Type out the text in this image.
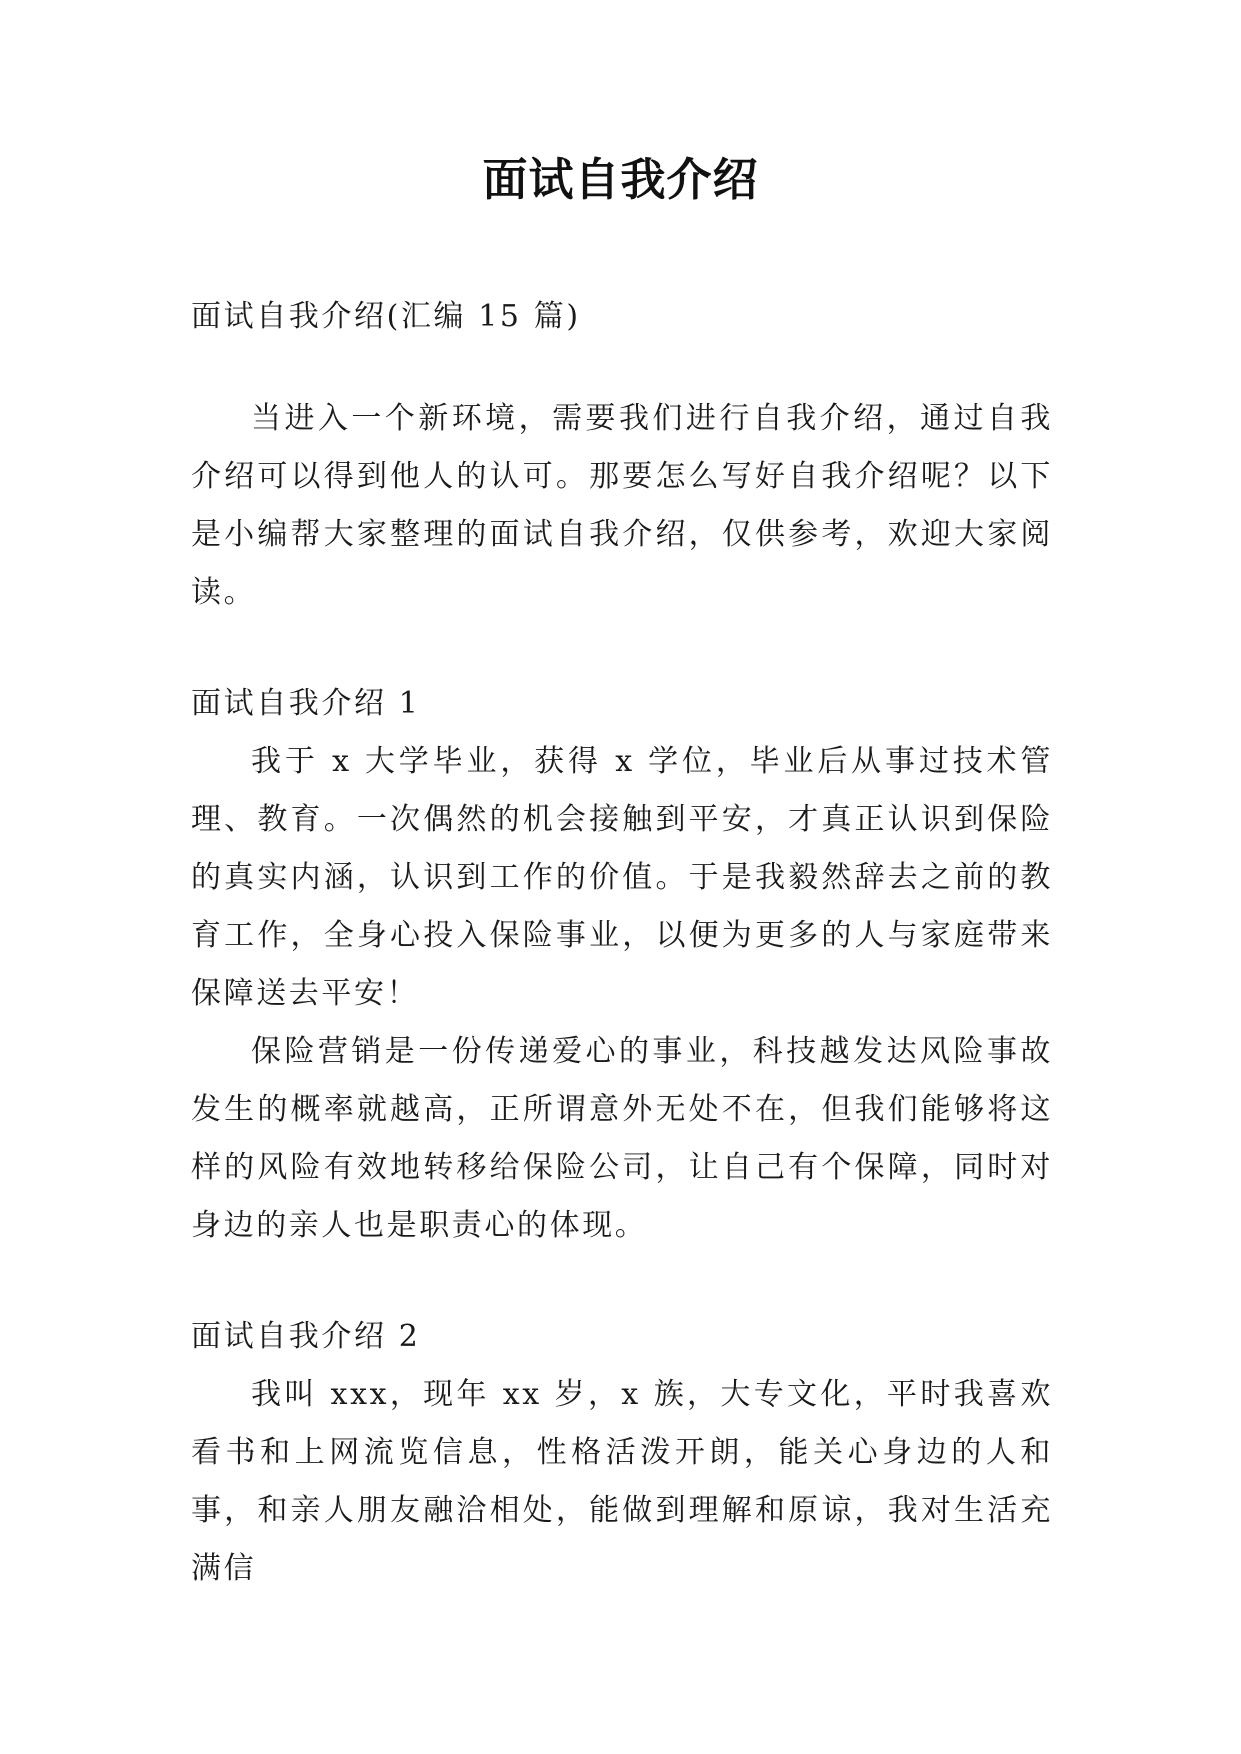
面试自我介绍

面试自我介绍(汇编 15 篇)

当进入一个新环境，需要我们进行自我介绍，通过自我介绍可以得到他人的认可。那要怎么写好自我介绍呢？以下是小编帮大家整理的面试自我介绍，仅供参考，欢迎大家阅读。

面试自我介绍 1

我于 x 大学毕业，获得 x 学位，毕业后从事过技术管理、教育。一次偶然的机会接触到平安，才真正认识到保险的真实内涵，认识到工作的价值。于是我毅然辞去之前的教育工作，全身心投入保险事业，以便为更多的人与家庭带来保障送去平安！

保险营销是一份传递爱心的事业，科技越发达风险事故发生的概率就越高，正所谓意外无处不在，但我们能够将这样的风险有效地转移给保险公司，让自己有个保障，同时对身边的亲人也是职责心的体现。

面试自我介绍 2

我叫 xxx，现年 xx 岁，x 族，大专文化，平时我喜欢看书和上网流览信息，性格活泼开朗，能关心身边的人和事，和亲人朋友融洽相处，能做到理解和原谅，我对生活充满信
